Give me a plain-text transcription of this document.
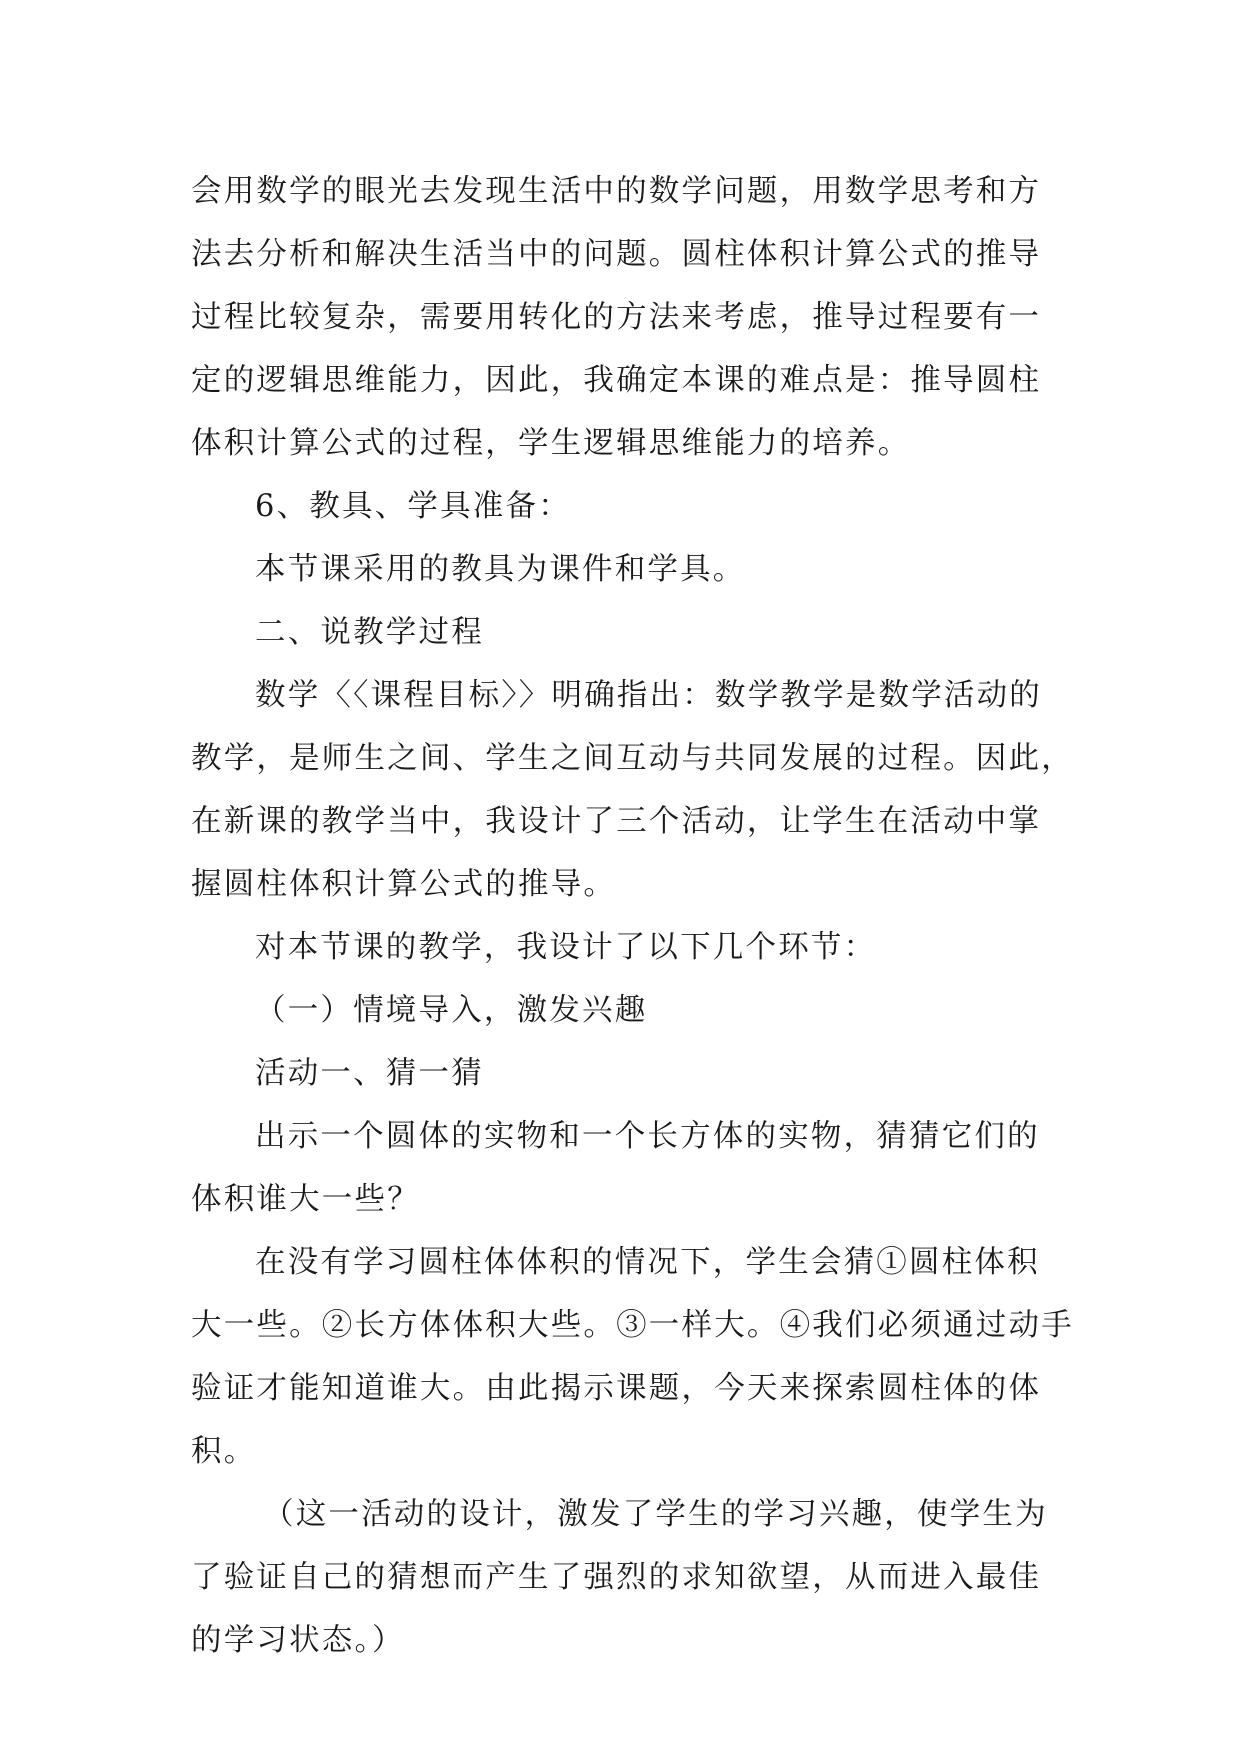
会用数学的眼光去发现生活中的数学问题，用数学思考和方
法去分析和解决生活当中的问题。圆柱体积计算公式的推导
过程比较复杂，需要用转化的方法来考虑，推导过程要有一
定的逻辑思维能力，因此，我确定本课的难点是：推导圆柱
体积计算公式的过程，学生逻辑思维能力的培养。
6、教具、学具准备：
本节课采用的教具为课件和学具。
二、说教学过程
数学〈〈课程目标〉〉明确指出：数学教学是数学活动的
教学，是师生之间、学生之间互动与共同发展的过程。因此，
在新课的教学当中，我设计了三个活动，让学生在活动中掌
握圆柱体积计算公式的推导。
对本节课的教学，我设计了以下几个环节：
（一）情境导入，激发兴趣
活动一、猜一猜
出示一个圆体的实物和一个长方体的实物，猜猜它们的
体积谁大一些？
在没有学习圆柱体体积的情况下，学生会猜①圆柱体积
大一些。②长方体体积大些。③一样大。④我们必须通过动手
验证才能知道谁大。由此揭示课题，今天来探索圆柱体的体
积。
（这一活动的设计，激发了学生的学习兴趣，使学生为
了验证自己的猜想而产生了强烈的求知欲望，从而进入最佳
的学习状态。）
